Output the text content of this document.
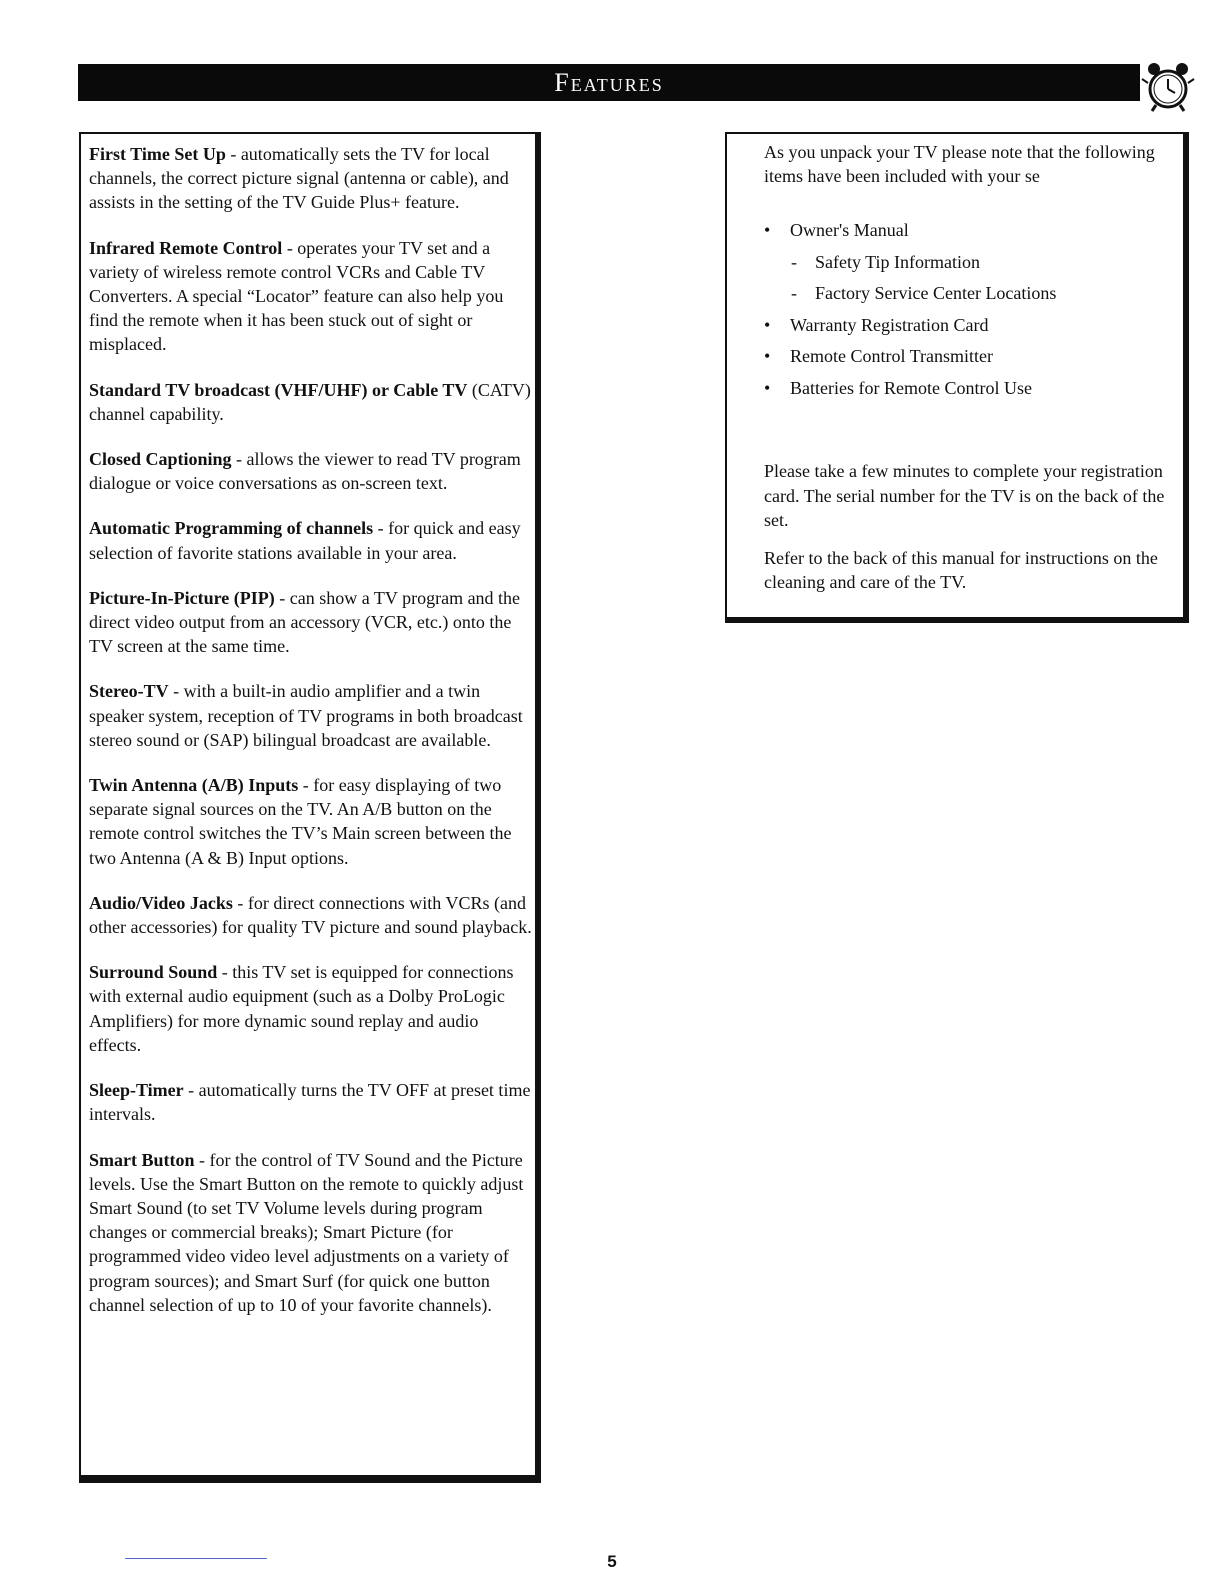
Features

First Time Set Up - automatically sets the TV for local channels, the correct picture signal (antenna or cable), and assists in the setting of the TV Guide Plus+ feature.

Infrared Remote Control - operates your TV set and a variety of wireless remote control VCRs and Cable TV Converters. A special “Locator” feature can also help you find the remote when it has been stuck out of sight or misplaced.

Standard TV broadcast (VHF/UHF) or Cable TV (CATV) channel capability.

Closed Captioning - allows the viewer to read TV program dialogue or voice conversations as on-screen text.

Automatic Programming of channels - for quick and easy selection of favorite stations available in your area.

Picture-In-Picture (PIP) - can show a TV program and the direct video output from an accessory (VCR, etc.) onto the TV screen at the same time.

Stereo-TV - with a built-in audio amplifier and a twin speaker system, reception of TV programs in both broadcast stereo sound or (SAP) bilingual broadcast are available.

Twin Antenna (A/B) Inputs - for easy displaying of two separate signal sources on the TV. An A/B button on the remote control switches the TV’s Main screen between the two Antenna (A & B) Input options.

Audio/Video Jacks - for direct connections with VCRs (and other accessories) for quality TV picture and sound playback.

Surround Sound - this TV set is equipped for connections with external audio equipment (such as a Dolby ProLogic Amplifiers) for more dynamic sound replay and audio effects.

Sleep-Timer - automatically turns the TV OFF at preset time intervals.

Smart Button - for the control of TV Sound and the Picture levels. Use the Smart Button on the remote to quickly adjust Smart Sound (to set TV Volume levels during program changes or commercial breaks); Smart Picture (for programmed video video level adjustments on a variety of program sources); and Smart Surf (for quick one button channel selection of up to 10 of your favorite channels).

As you unpack your TV please note that the following items have been included with your se

•	Owner's Manual
-	Safety Tip Information
-	Factory Service Center Locations
•	Warranty Registration Card
•	Remote Control Transmitter
•	Batteries for Remote Control Use

Please take a few minutes to complete your registration card. The serial number for the TV is on the back of the set.

Refer to the back of this manual for instructions on the cleaning and care of the TV.

5
